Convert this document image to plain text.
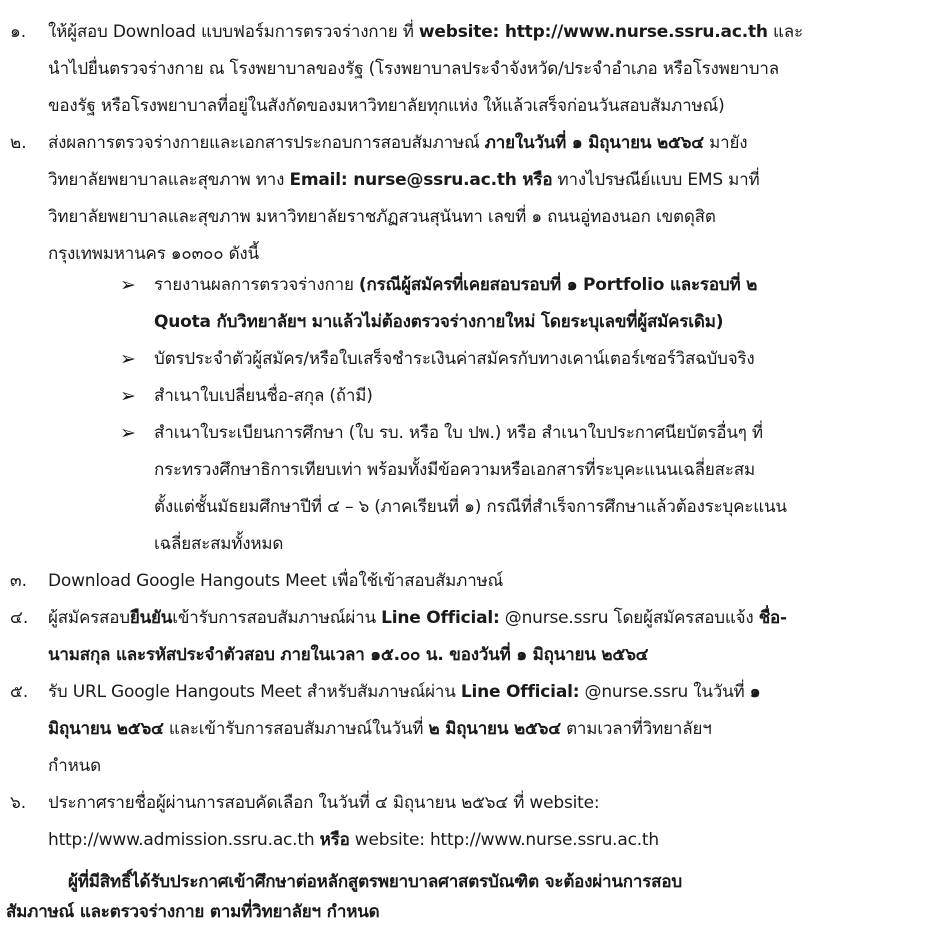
๑. ให้ผู้สอบ Download แบบฟอร์มการตรวจร่างกาย ที่ website: http://www.nurse.ssru.ac.th และ
นำไปยื่นตรวจร่างกาย ณ โรงพยาบาลของรัฐ (โรงพยาบาลประจำจังหวัด/ประจำอำเภอ หรือโรงพยาบาล
ของรัฐ หรือโรงพยาบาลที่อยู่ในสังกัดของมหาวิทยาลัยทุกแห่ง ให้แล้วเสร็จก่อนวันสอบสัมภาษณ์)
๒. ส่งผลการตรวจร่างกายและเอกสารประกอบการสอบสัมภาษณ์ ภายในวันที่ ๑ มิถุนายน ๒๕๖๔ มายัง
วิทยาลัยพยาบาลและสุขภาพ ทาง Email: nurse@ssru.ac.th หรือ ทางไปรษณีย์แบบ EMS มาที่
วิทยาลัยพยาบาลและสุขภาพ มหาวิทยาลัยราชภัฏสวนสุนันทา เลขที่ ๑ ถนนอู่ทองนอก เขตดุสิต
กรุงเทพมหานคร ๑๐๓๐๐ ดังนี้
➢ รายงานผลการตรวจร่างกาย (กรณีผู้สมัครที่เคยสอบรอบที่ ๑ Portfolio และรอบที่ ๒
Quota กับวิทยาลัยฯ มาแล้วไม่ต้องตรวจร่างกายใหม่ โดยระบุเลขที่ผู้สมัครเดิม)
➢ บัตรประจำตัวผู้สมัคร/หรือใบเสร็จชำระเงินค่าสมัครกับทางเคาน์เตอร์เซอร์วิสฉบับจริง
➢ สำเนาใบเปลี่ยนชื่อ-สกุล (ถ้ามี)
➢ สำเนาใบระเบียนการศึกษา (ใบ รบ. หรือ ใบ ปพ.) หรือ สำเนาใบประกาศนียบัตรอื่นๆ ที่
กระทรวงศึกษาธิการเทียบเท่า พร้อมทั้งมีข้อความหรือเอกสารที่ระบุคะแนนเฉลี่ยสะสม
ตั้งแต่ชั้นมัธยมศึกษาปีที่ ๔ – ๖ (ภาคเรียนที่ ๑) กรณีที่สำเร็จการศึกษาแล้วต้องระบุคะแนน
เฉลี่ยสะสมทั้งหมด
๓. Download Google Hangouts Meet เพื่อใช้เข้าสอบสัมภาษณ์
๔. ผู้สมัครสอบยืนยันเข้ารับการสอบสัมภาษณ์ผ่าน Line Official: @nurse.ssru โดยผู้สมัครสอบแจ้ง ชื่อ-
นามสกุล และรหัสประจำตัวสอบ ภายในเวลา ๑๕.๐๐ น. ของวันที่ ๑ มิถุนายน ๒๕๖๔
๕. รับ URL Google Hangouts Meet สำหรับสัมภาษณ์ผ่าน Line Official: @nurse.ssru ในวันที่ ๑
มิถุนายน ๒๕๖๔ และเข้ารับการสอบสัมภาษณ์ในวันที่ ๒ มิถุนายน ๒๕๖๔ ตามเวลาที่วิทยาลัยฯ
กำหนด
๖. ประกาศรายชื่อผู้ผ่านการสอบคัดเลือก ในวันที่ ๔ มิถุนายน ๒๕๖๔ ที่ website:
http://www.admission.ssru.ac.th หรือ website: http://www.nurse.ssru.ac.th
ผู้ที่มีสิทธิ์ได้รับประกาศเข้าศึกษาต่อหลักสูตรพยาบาลศาสตรบัณฑิต จะต้องผ่านการสอบ
สัมภาษณ์ และตรวจร่างกาย ตามที่วิทยาลัยฯ กำหนด
